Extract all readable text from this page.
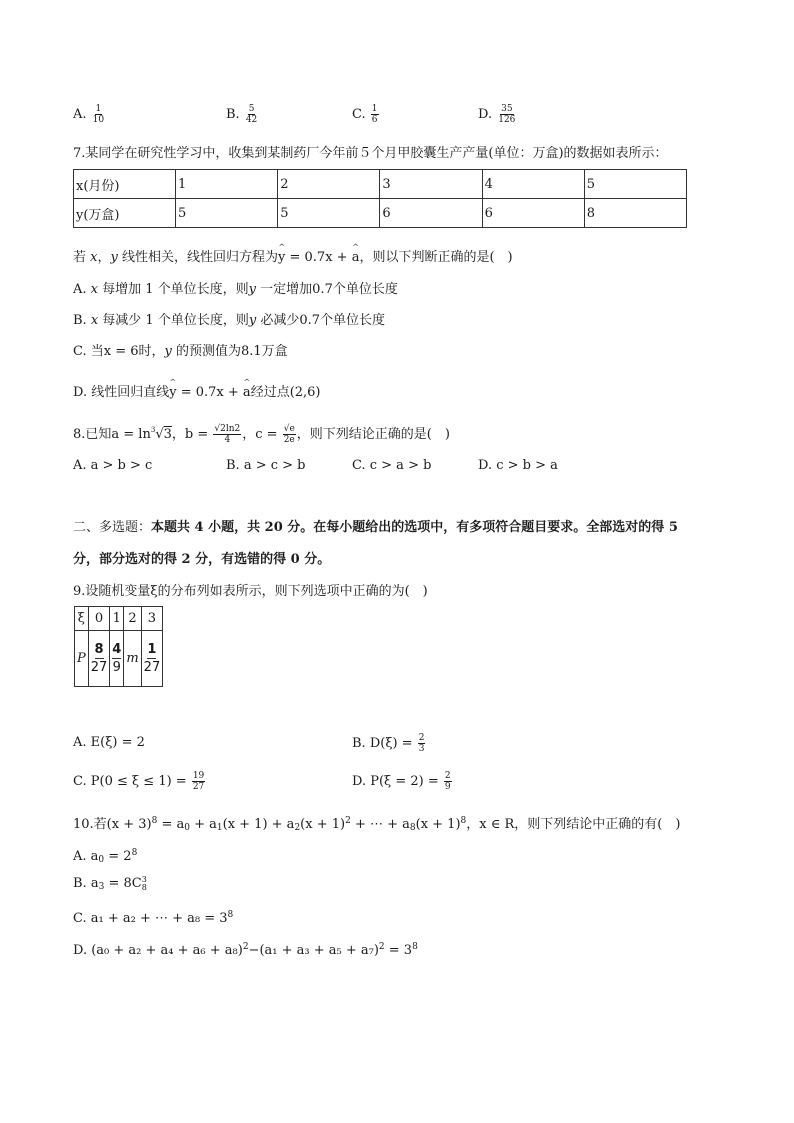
A. $\frac{1}{10}$	B. $\frac{5}{42}$	C. $\frac{1}{6}$	D. $\frac{35}{126}$
7.某同学在研究性学习中，收集到某制药厂今年前５个月甲胶囊生产产量(单位：万盒)的数据如表所示：
x(月份)	1	2	3	4	5
y(万盒)	5	5	6	6	8
若 x，y 线性相关，线性回归方程为^ y = 0.7x + ^ a，则以下判断正确的是(　)
A. x 每增加 1 个单位长度，则y 一定增加0.7个单位长度
B. x 每减少 1 个单位长度，则y 必减少0.7个单位长度
C. 当x = 6时，y 的预测值为8.1万盒
D. 线性回归直线^ y = 0.7x + ^ a经过点(2,6)
8.已知$a = \ln^3√3$，$b = \frac{√2\ln 2}{4}$ ，$c = \frac{√e}{2e}$ ，则下列结论正确的是(　)
A. a > b > c	B. a > c > b	C. c > a > b	D. c > b > a
二、多选题：本题共 4 小题，共 20 分。在每小题给出的选项中，有多项符合题目要求。全部选对的得 5
分，部分选对的得 2 分，有选错的得 0 分。
9.设随机变量ξ的分布列如表所示，则下列选项中正确的为(　)
ξ	0	1	2	3
P	$\frac{8}{27}$	$\frac{4}{9}$	m	$\frac{1}{27}$
A. E(ξ) = 2	B. $D(\xi) = \frac{2}{3}$
C. $P(0 \le \xi \le 1) = \frac{19}{27}$	D. $P(\xi = 2) = \frac{2}{9}$
10.若$(x + 3)^8 = a_0 + a_1(x + 1) + a_2(x + 1)^2$ + ⋯ + $a_8(x + 1)^8$，x ∈ R，则下列结论中正确的有(　)
A. $a_0 = 2^8$
B. $a_3 = 8C$ 3
8
C. a₁ + a₂ + ⋯ + $a_8 = 3^8$
D. $(a_0 + a_2 + a_4 + a_6 + a_8)^2-(a_1 + a_3 + a_5 + a_7)^2 = 3^8$
